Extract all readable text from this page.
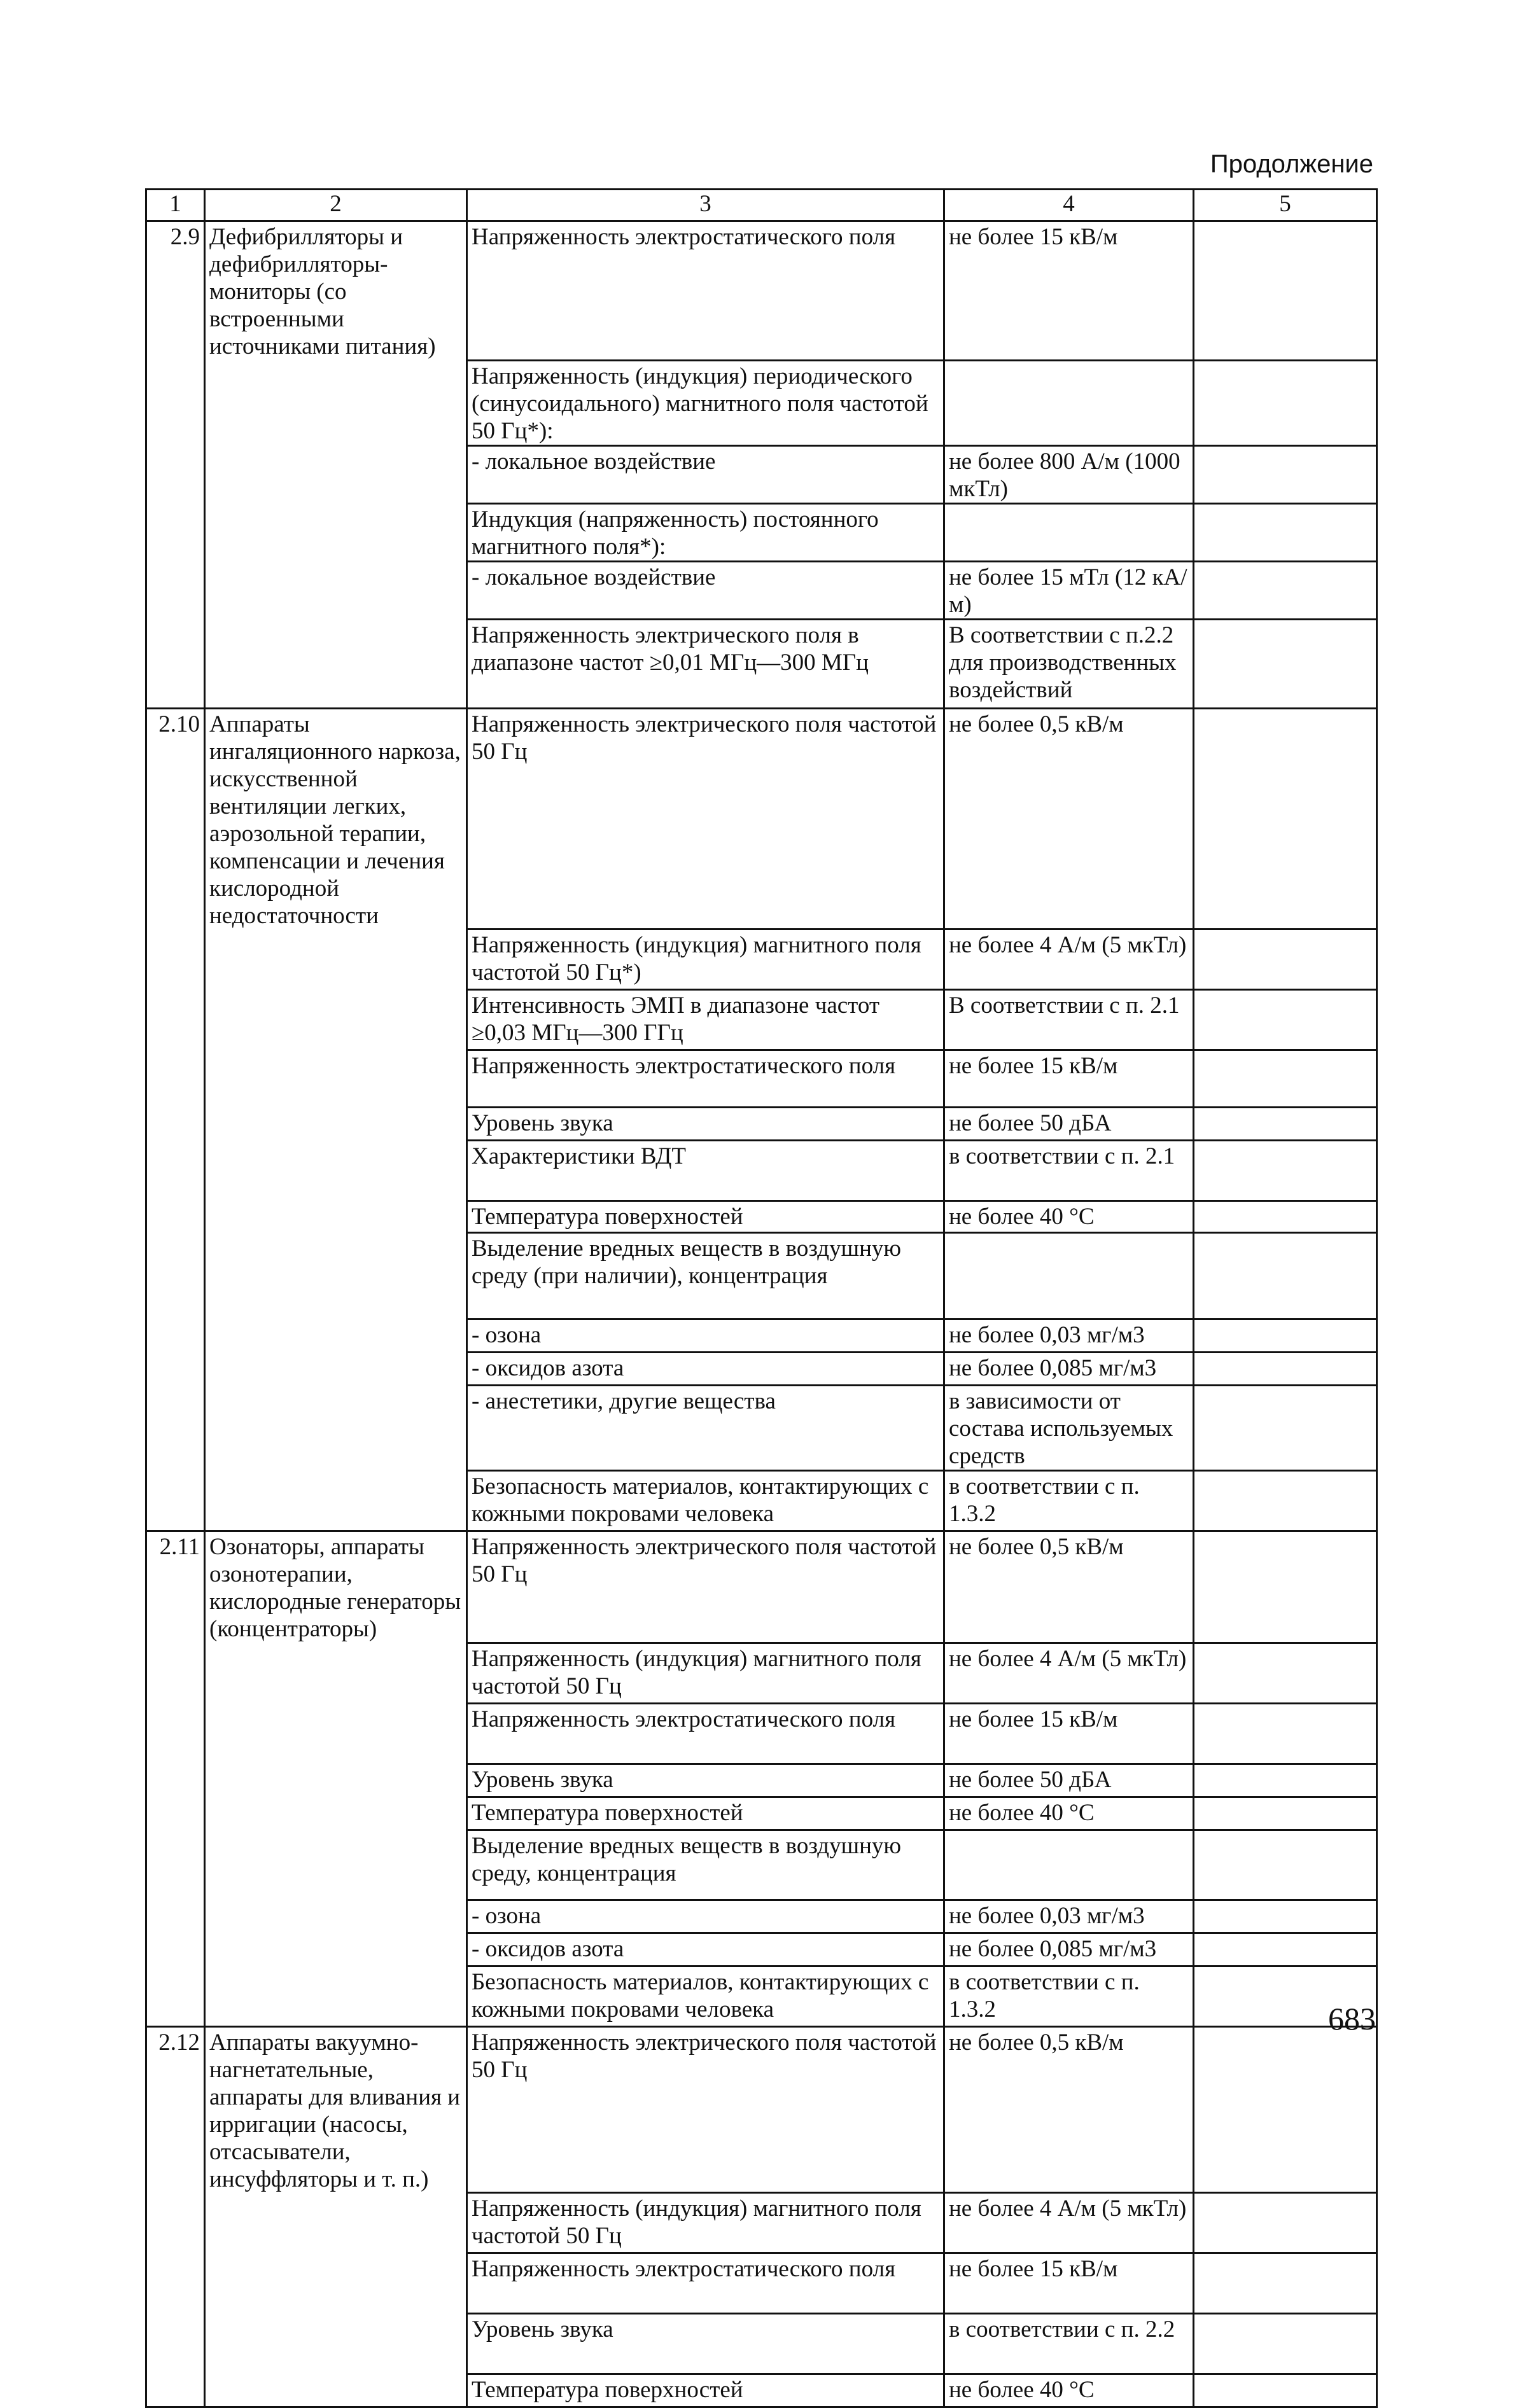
Продолжение
1	2	3	4	5
2.9	Дефибрилляторы и дефибрилляторы-мониторы (со встроенными источниками питания)	Напряженность электростатического поля	не более 15 кВ/м	
		Напряженность (индукция) периодического (синусоидального) магнитного поля частотой 50 Гц*):		
		- локальное воздействие	не более 800 А/м (1000 мкТл)	
		Индукция (напряженность) постоянного магнитного поля*):		
		- локальное воздействие	не более 15 мТл (12 кА/м)	
		Напряженность электрического поля в диапазоне частот ≥0,01 МГц—300 МГц	В соответствии с п.2.2 для производственных воздействий	
2.10	Аппараты ингаляционного наркоза, искусственной вентиляции легких, аэрозольной терапии, компенсации и лечения кислородной недостаточности	Напряженность электрического поля частотой 50 Гц	не более 0,5 кВ/м	
		Напряженность (индукция) магнитного поля частотой 50 Гц*)	не более 4 А/м (5 мкТл)	
		Интенсивность ЭМП в диапазоне частот ≥0,03 МГц—300 ГГц	В соответствии с п. 2.1	
		Напряженность электростатического поля	не более 15 кВ/м	
		Уровень звука	не более 50 дБА	
		Характеристики ВДТ	в соответствии с п. 2.1	
		Температура поверхностей	не более 40 °С	
		Выделение вредных веществ в воздушную среду (при наличии), концентрация		
		- озона	не более 0,03 мг/м3	
		- оксидов азота	не более 0,085 мг/м3	
		- анестетики, другие вещества	в зависимости от состава используемых средств	
		Безопасность материалов, контактирующих с кожными покровами человека	в соответствии с п. 1.3.2	
2.11	Озонаторы, аппараты озонотерапии, кислородные генераторы (концентраторы)	Напряженность электрического поля частотой 50 Гц	не более 0,5 кВ/м	
		Напряженность (индукция) магнитного поля частотой 50 Гц	не более 4 А/м (5 мкТл)	
		Напряженность электростатического поля	не более 15 кВ/м	
		Уровень звука	не более 50 дБА	
		Температура поверхностей	не более 40 °С	
		Выделение вредных веществ в воздушную среду, концентрация		
		- озона	не более 0,03 мг/м3	
		- оксидов азота	не более 0,085 мг/м3	
		Безопасность материалов, контактирующих с кожными покровами человека	в соответствии с п. 1.3.2	
2.12	Аппараты вакуумно-нагнетательные, аппараты для вливания и ирригации (насосы, отсасыватели, инсуффляторы и т. п.)	Напряженность электрического поля частотой 50 Гц	не более 0,5 кВ/м	
		Напряженность (индукция) магнитного поля частотой 50 Гц	не более 4 А/м (5 мкТл)	
		Напряженность электростатического поля	не более 15 кВ/м	
		Уровень звука	в соответствии с п. 2.2	
		Температура поверхностей	не более 40 °С	
683
